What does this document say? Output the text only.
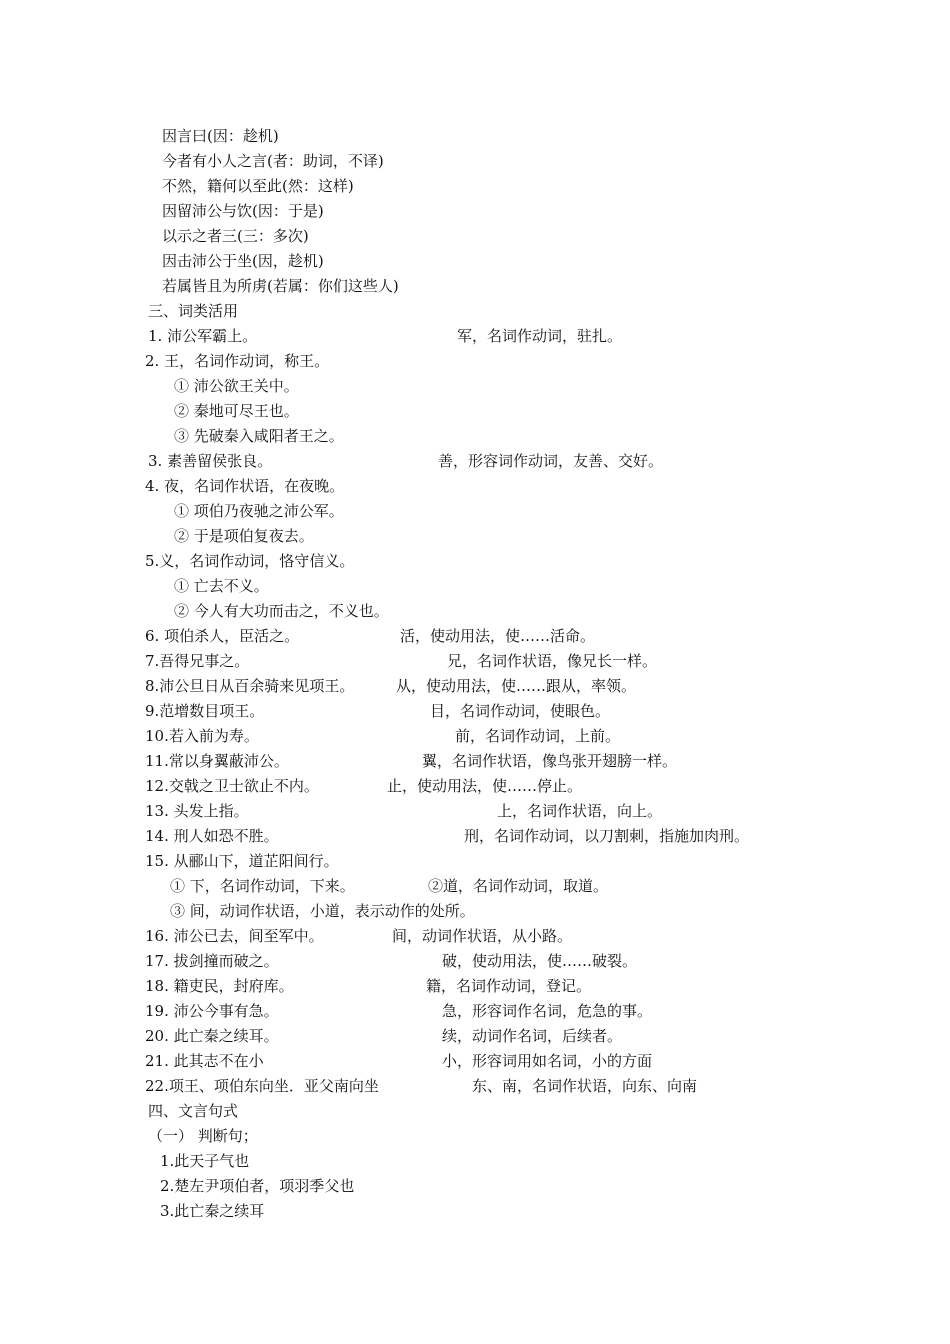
因言曰(因：趁机)
今者有小人之言(者：助词，不译)
不然，籍何以至此(然：这样)
因留沛公与饮(因：于是)
以示之者三(三：多次)
因击沛公于坐(因，趁机)
若属皆且为所虏(若属：你们这些人)
三、词类活用
1. 沛公军霸上。	军，名词作动词，驻扎。
2. 王，名词作动词，称王。
① 沛公欲王关中。
② 秦地可尽王也。
③ 先破秦入咸阳者王之。
3. 素善留侯张良。	善，形容词作动词，友善、交好。
4. 夜，名词作状语，在夜晚。
① 项伯乃夜驰之沛公军。
② 于是项伯复夜去。
5.义，名词作动词，恪守信义。
① 亡去不义。
② 今人有大功而击之，不义也。
6. 项伯杀人，臣活之。	活，使动用法，使……活命。
7.吾得兄事之。	兄，名词作状语，像兄长一样。
8.沛公旦日从百余骑来见项王。	从，使动用法，使……跟从，率领。
9.范增数目项王。	目，名词作动词，使眼色。
10.若入前为寿。	前，名词作动词，上前。
11.常以身翼蔽沛公。	翼，名词作状语，像鸟张开翅膀一样。
12.交戟之卫士欲止不内。	止，使动用法，使……停止。
13. 头发上指。	上，名词作状语，向上。
14. 刑人如恐不胜。	刑，名词作动词，以刀割刺，指施加肉刑。
15. 从郦山下，道芷阳间行。
① 下，名词作动词，下来。	②道，名词作动词，取道。
③ 间，动词作状语，小道，表示动作的处所。
16. 沛公已去，间至军中。	间，动词作状语，从小路。
17. 拔剑撞而破之。	破，使动用法，使……破裂。
18. 籍吏民，封府库。	籍，名词作动词，登记。
19. 沛公今事有急。	急，形容词作名词，危急的事。
20. 此亡秦之续耳。	续，动词作名词，后续者。
21. 此其志不在小	小，形容词用如名词，小的方面
22.项王、项伯东向坐．亚父南向坐	东、南，名词作状语，向东、向南
四、文言句式
（一） 判断句；
1.此天子气也
2.楚左尹项伯者，项羽季父也
3.此亡秦之续耳
